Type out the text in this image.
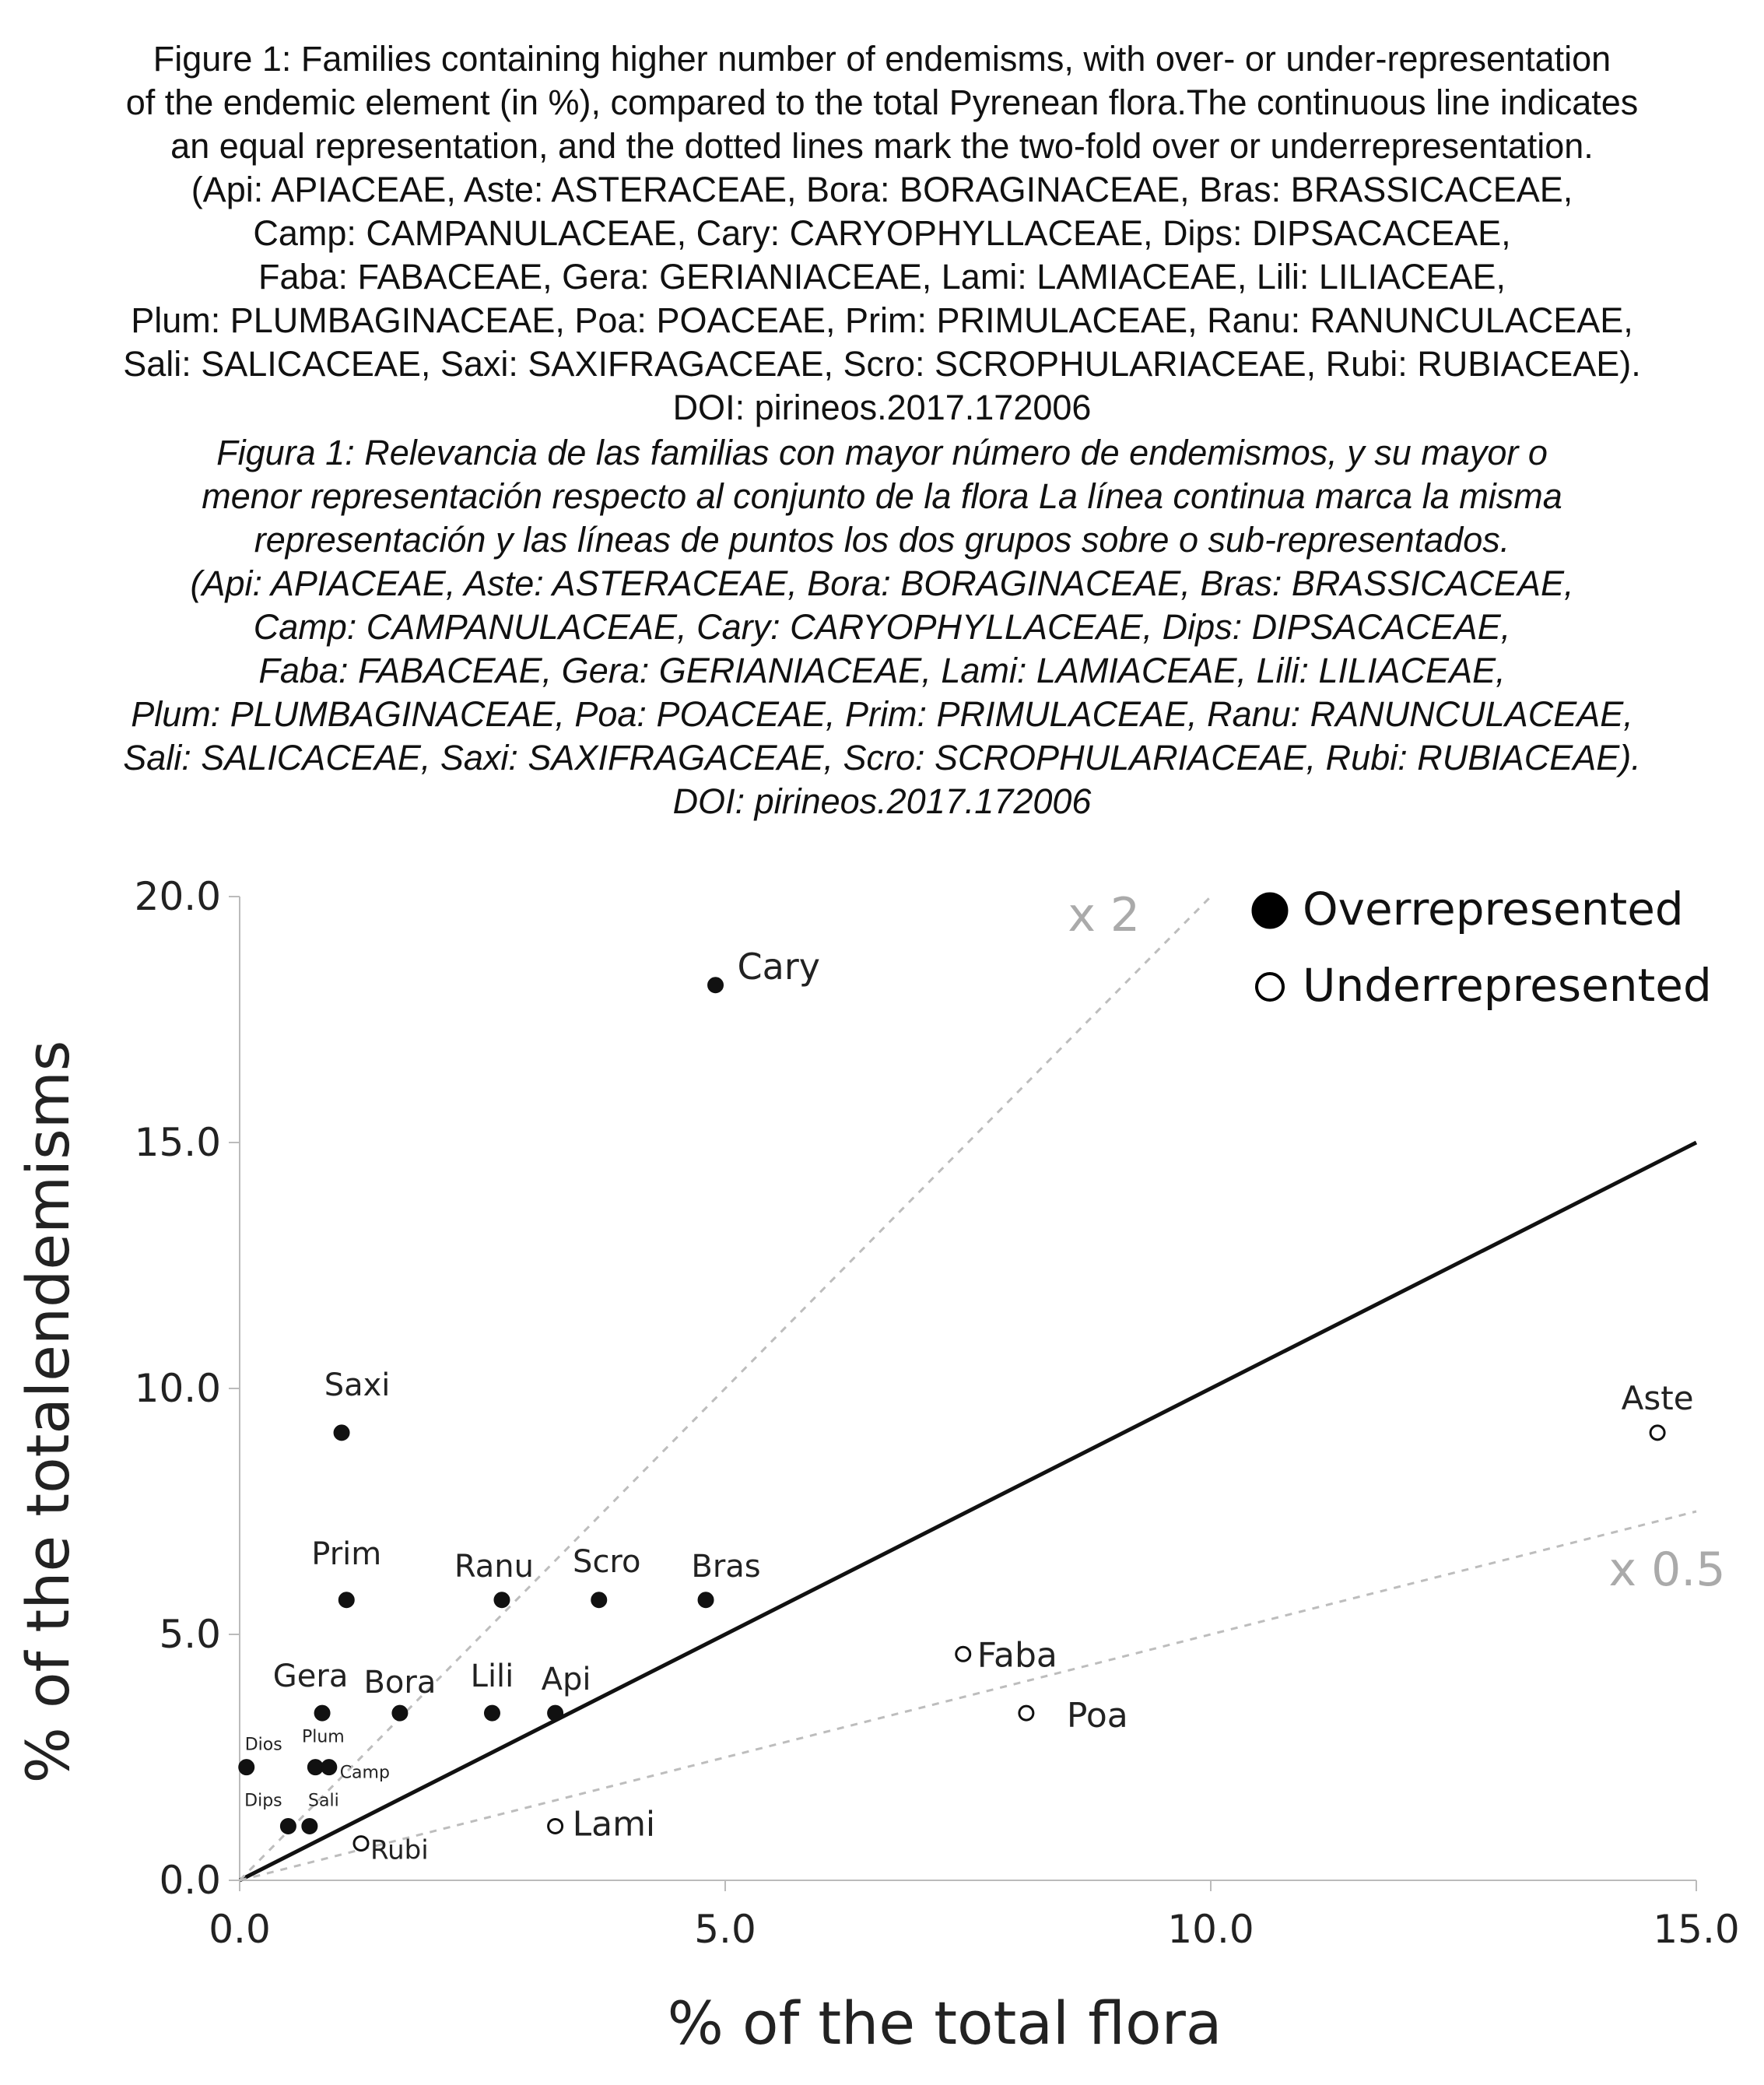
Figure 1: Families containing higher number of endemisms, with over- or under-representation
of the endemic element (in %), compared to the total Pyrenean flora.The continuous line indicates
an equal representation, and the dotted lines mark the two-fold over or underrepresentation.
(Api: APIACEAE, Aste: ASTERACEAE, Bora: BORAGINACEAE, Bras: BRASSICACEAE,
Camp: CAMPANULACEAE, Cary: CARYOPHYLLACEAE, Dips: DIPSACACEAE,
Faba: FABACEAE, Gera: GERIANIACEAE, Lami: LAMIACEAE, Lili: LILIACEAE,
Plum: PLUMBAGINACEAE, Poa: POACEAE, Prim: PRIMULACEAE, Ranu: RANUNCULACEAE,
Sali: SALICACEAE, Saxi: SAXIFRAGACEAE, Scro: SCROPHULARIACEAE, Rubi: RUBIACEAE).
DOI: pirineos.2017.172006
Figura 1: Relevancia de las familias con mayor número de endemismos, y su mayor o
menor representación respecto al conjunto de la flora La línea continua marca la misma
representación y las líneas de puntos los dos grupos sobre o sub-representados.
(Api: APIACEAE, Aste: ASTERACEAE, Bora: BORAGINACEAE, Bras: BRASSICACEAE,
Camp: CAMPANULACEAE, Cary: CARYOPHYLLACEAE, Dips: DIPSACACEAE,
Faba: FABACEAE, Gera: GERIANIACEAE, Lami: LAMIACEAE, Lili: LILIACEAE,
Plum: PLUMBAGINACEAE, Poa: POACEAE, Prim: PRIMULACEAE, Ranu: RANUNCULACEAE,
Sali: SALICACEAE, Saxi: SAXIFRAGACEAE, Scro: SCROPHULARIACEAE, Rubi: RUBIACEAE).
DOI: pirineos.2017.172006
0.0
5.0
10.0
15.0
20.0
0.0	5.0	10.0	15.0
% of the total flora
% of the totalendemisms
x 2
x 0.5
Cary
Saxi
Prim Ranu Scro Bras
Gera Bora Lili Api
Dios Plum
Camp
Dips Sali
Aste
Faba
Poa
Lami
Rubi
Overrepresented
Underrepresented
